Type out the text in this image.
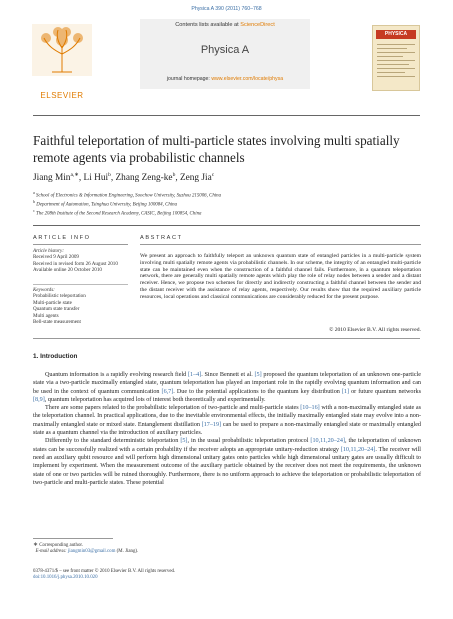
Physica A 390 (2011) 760–768
Contents lists available at ScienceDirect
Physica A
journal homepage: www.elsevier.com/locate/physa
ELSEVIER
PHYSICA
Faithful teleportation of multi-particle states involving multi spatially remote agents via probabilistic channels
Jiang Min$^{a,∗}$, Li Hui$^b$, Zhang Zeng-$ke^b$, Zeng Jia$^c$
$^a$ School of Electronics & Information Engineering, Soochow University, Suzhou 215006, China
$^b$ Department of Automation, Tsinghua University, Beijing 100084, China
$^c$ The 208th Institute of the Second Research Academy, CASIC, Beijing 100854, China
ARTICLE INFO
Article history:
Received 9 April 2009
Received in revised form 26 August 2010
Available online 20 October 2010
Keywords:
Probabilistic teleportation
Multi-particle state
Quantum state transfer
Multi agents
Bell-state measurement
ABSTRACT
We present an approach to faithfully teleport an unknown quantum state of entangled particles in a multi-particle system involving multi spatially remote agents via probabilistic channels. In our scheme, the integrity of an entangled multi-particle state can be maintained even when the construction of a faithful channel fails. Furthermore, in a quantum teleportation network, there are generally multi spatially remote agents which play the role of relay nodes between a sender and a distant receiver. Hence, we propose two schemes for directly and indirectly constructing a faithful channel between the sender and the distant receiver with the assistance of relay agents, respectively. Our results show that the required auxiliary particle resources, local operations and classical communications are considerably reduced for the present purpose.
© 2010 Elsevier B.V. All rights reserved.
1. Introduction

Quantum information is a rapidly evolving research field [1–4]. Since Bennett et al. [5] proposed the quantum teleportation of an unknown one-particle state via a two-particle maximally entangled state, quantum teleportation has played an important role in the rapidly evolving quantum information and can be used in the context of quantum communication [6,7]. Due to the potential applications to the quantum key distribution [1] or future quantum networks [8,9], quantum teleportation has acquired lots of interest both theoretically and experimentally.

There are some papers related to the probabilistic teleportation of two-particle and multi-particle states [10–16] with a non-maximally entangled state as the teleportation channel. In practical applications, due to the inevitable environmental effects, the initially maximally entangled state may evolve into a non-maximally entangled state or mixed state. Entanglement distillation [17–19] can be used to prepare a non-maximally entangled state or maximally entangled state as a quantum channel via the introduction of auxiliary particles.

Differently to the standard deterministic teleportation [5], in the usual probabilistic teleportation protocol [10,11,20–24], the teleportation of unknown states can be successfully realized with a certain probability if the receiver adopts an appropriate unitary-reduction strategy [10,11,20–24]. The receiver will need an auxiliary qubit resource and will perform high dimensional unitary gates onto particles while high dimensional unitary gates are usually difficult to implement by experiment. When the measurement outcome of the auxiliary particle obtained by the receiver does not meet the requirements, the unknown state of one or two particles will be ruined thoroughly. Furthermore, there is no uniform approach to achieve the teleportation or probabilistic teleportation of two-particle and multi-particle states. These potential

∗ Corresponding author.
E-mail address: jiangmin03@gmail.com (M. Jiang).
0378-4371/$ – see front matter © 2010 Elsevier B.V. All rights reserved.
doi:10.1016/j.physa.2010.10.020
